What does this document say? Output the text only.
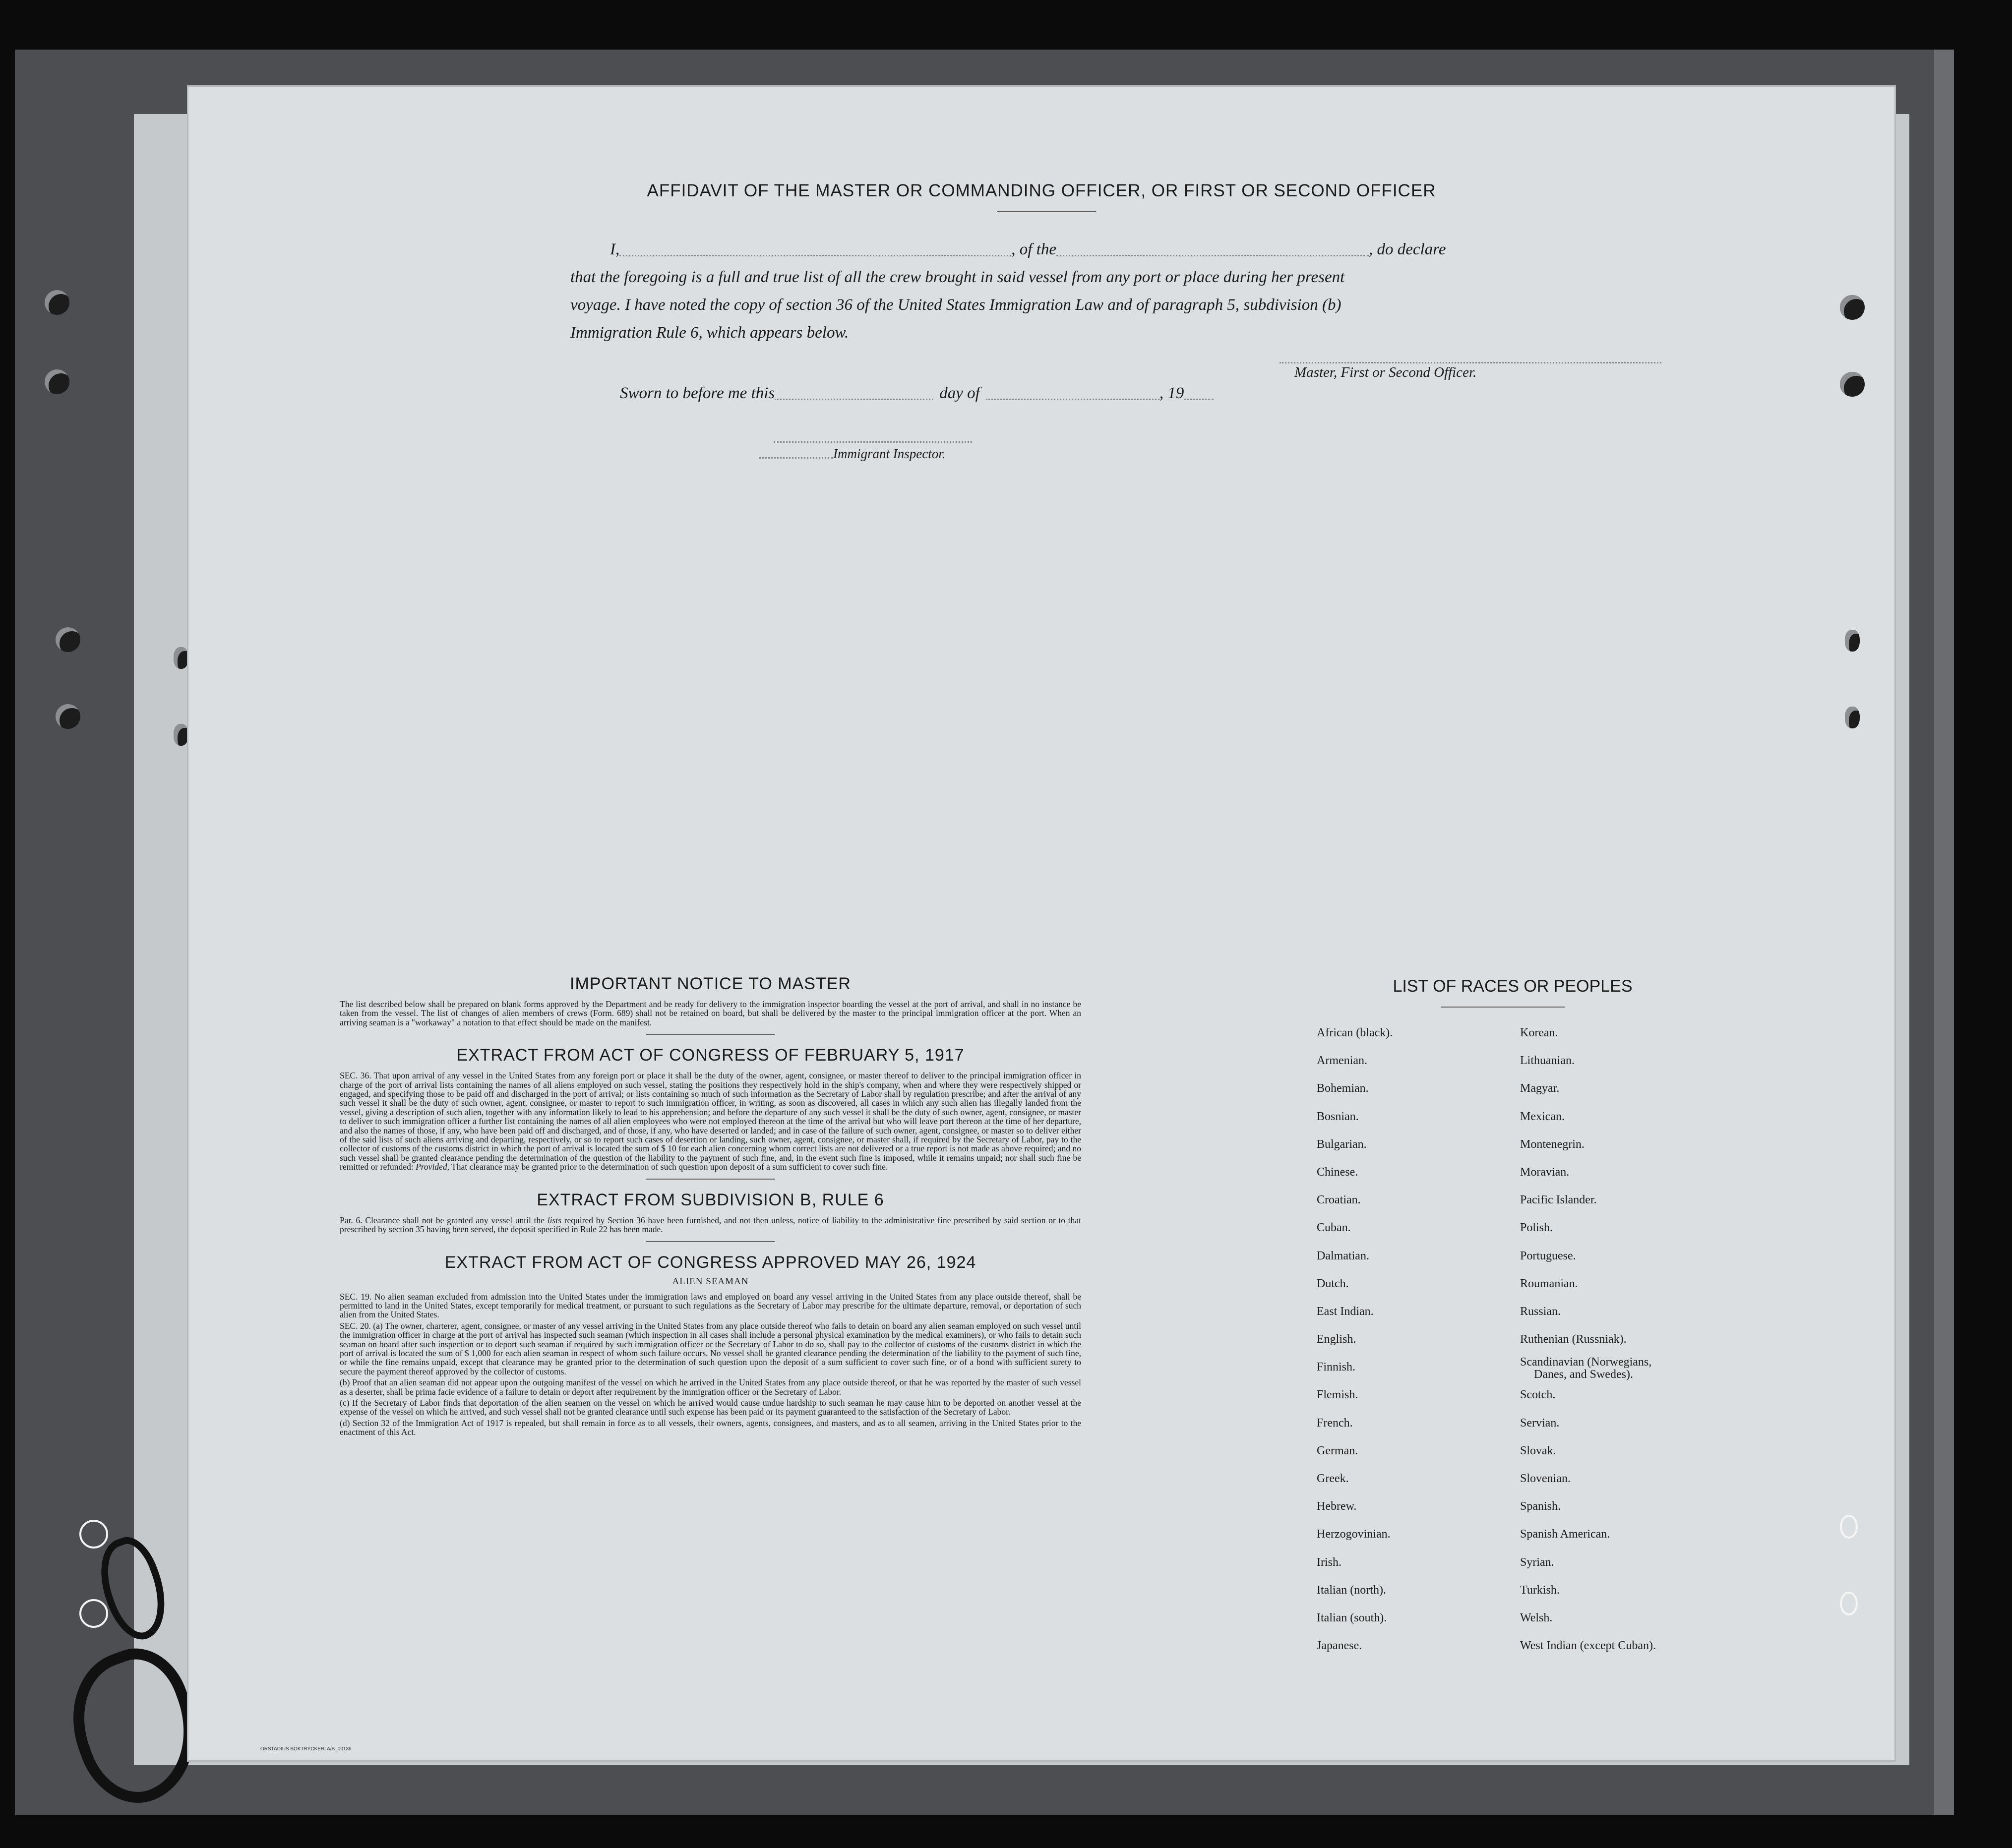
AFFIDAVIT OF THE MASTER OR COMMANDING OFFICER, OR FIRST OR SECOND OFFICER
I,	, of the	, do declare
that the foregoing is a full and true list of all the crew brought in said vessel from any port or place during her present
voyage. I have noted the copy of section 36 of the United States Immigration Law and of paragraph 5, subdivision (b)
Immigration Rule 6, which appears below.
Master, First or Second Officer.
Sworn to before me this	day of	, 19
Immigrant Inspector.
IMPORTANT NOTICE TO MASTER

The list described below shall be prepared on blank forms approved by the Department and be ready for delivery to the immigration inspector boarding the vessel at the port of arrival, and shall in no instance be taken from the vessel. The list of changes of alien members of crews (Form. 689) shall not be retained on board, but shall be delivered by the master to the principal immigration officer at the port. When an arriving seaman is a "workaway" a notation to that effect should be made on the manifest.

EXTRACT FROM ACT OF CONGRESS OF FEBRUARY 5, 1917

SEC. 36. That upon arrival of any vessel in the United States from any foreign port or place it shall be the duty of the owner, agent, consignee, or master thereof to deliver to the principal immigration officer in charge of the port of arrival lists containing the names of all aliens employed on such vessel, stating the positions they respectively hold in the ship's company, when and where they were respectively shipped or engaged, and specifying those to be paid off and discharged in the port of arrival; or lists containing so much of such information as the Secretary of Labor shall by regulation prescribe; and after the arrival of any such vessel it shall be the duty of such owner, agent, consignee, or master to report to such immigration officer, in writing, as soon as discovered, all cases in which any such alien has illegally landed from the vessel, giving a description of such alien, together with any information likely to lead to his apprehension; and before the departure of any such vessel it shall be the duty of such owner, agent, consignee, or master to deliver to such immigration officer a further list containing the names of all alien employees who were not employed thereon at the time of the arrival but who will leave port thereon at the time of her departure, and also the names of those, if any, who have been paid off and discharged, and of those, if any, who have deserted or landed; and in case of the failure of such owner, agent, consignee, or master so to deliver either of the said lists of such aliens arriving and departing, respectively, or so to report such cases of desertion or landing, such owner, agent, consignee, or master shall, if required by the Secretary of Labor, pay to the collector of customs of the customs district in which the port of arrival is located the sum of $ 10 for each alien concerning whom correct lists are not delivered or a true report is not made as above required; and no such vessel shall be granted clearance pending the determination of the question of the liability to the payment of such fine, and, in the event such fine is imposed, while it remains unpaid; nor shall such fine be remitted or refunded: Provided, That clearance may be granted prior to the determination of such question upon deposit of a sum sufficient to cover such fine.

EXTRACT FROM SUBDIVISION B, RULE 6

Par. 6. Clearance shall not be granted any vessel until the lists required by Section 36 have been furnished, and not then unless, notice of liability to the administrative fine prescribed by said section or to that prescribed by section 35 having been served, the deposit specified in Rule 22 has been made.

EXTRACT FROM ACT OF CONGRESS APPROVED MAY 26, 1924
ALIEN SEAMAN

SEC. 19. No alien seaman excluded from admission into the United States under the immigration laws and employed on board any vessel arriving in the United States from any place outside thereof, shall be permitted to land in the United States, except temporarily for medical treatment, or pursuant to such regulations as the Secretary of Labor may prescribe for the ultimate departure, removal, or deportation of such alien from the United States.

SEC. 20. (a) The owner, charterer, agent, consignee, or master of any vessel arriving in the United States from any place outside thereof who fails to detain on board any alien seaman employed on such vessel until the immigration officer in charge at the port of arrival has inspected such seaman (which inspection in all cases shall include a personal physical examination by the medical examiners), or who fails to detain such seaman on board after such inspection or to deport such seaman if required by such immigration officer or the Secretary of Labor to do so, shall pay to the collector of customs of the customs district in which the port of arrival is located the sum of $ 1,000 for each alien seaman in respect of whom such failure occurs. No vessel shall be granted clearance pending the determination of the liability to the payment of such fine, or while the fine remains unpaid, except that clearance may be granted prior to the determination of such question upon the deposit of a sum sufficient to cover such fine, or of a bond with sufficient surety to secure the payment thereof approved by the collector of customs.

(b) Proof that an alien seaman did not appear upon the outgoing manifest of the vessel on which he arrived in the United States from any place outside thereof, or that he was reported by the master of such vessel as a deserter, shall be prima facie evidence of a failure to detain or deport after requirement by the immigration officer or the Secretary of Labor.

(c) If the Secretary of Labor finds that deportation of the alien seamen on the vessel on which he arrived would cause undue hardship to such seaman he may cause him to be deported on another vessel at the expense of the vessel on which he arrived, and such vessel shall not be granted clearance until such expense has been paid or its payment guaranteed to the satisfaction of the Secretary of Labor.

(d) Section 32 of the Immigration Act of 1917 is repealed, but shall remain in force as to all vessels, their owners, agents, consignees, and masters, and as to all seamen, arriving in the United States prior to the enactment of this Act.

LIST OF RACES OR PEOPLES
African (black).
Armenian.
Bohemian.
Bosnian.
Bulgarian.
Chinese.
Croatian.
Cuban.
Dalmatian.
Dutch.
East Indian.
English.
Finnish.
Flemish.
French.
German.
Greek.
Hebrew.
Herzogovinian.
Irish.
Italian (north).
Italian (south).
Japanese.
Korean.
Lithuanian.
Magyar.
Mexican.
Montenegrin.
Moravian.
Pacific Islander.
Polish.
Portuguese.
Roumanian.
Russian.
Ruthenian (Russniak).
Scandinavian (Norwegians,
Danes, and Swedes).
Scotch.
Servian.
Slovak.
Slovenian.
Spanish.
Spanish American.
Syrian.
Turkish.
Welsh.
West Indian (except Cuban).
ORSTADIUS BOKTRYCKERI A/B. 00136
